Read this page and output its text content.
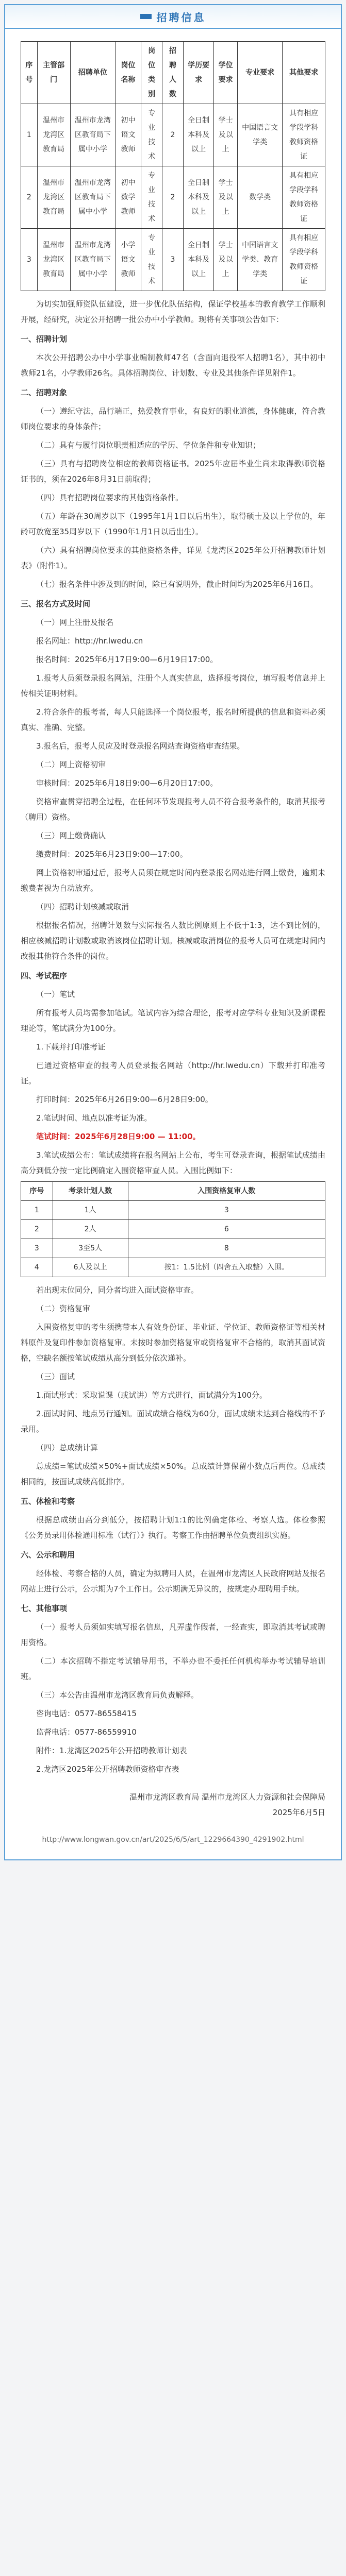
招聘信息
序号	主管部门	招聘单位	岗位名称	岗位类别	招聘人数	学历要求	学位要求	专业要求	其他要求
1	温州市龙湾区教育局	温州市龙湾区教育局下属中小学	初中语文教师	专业技术	2	全日制本科及以上	学士及以上	中国语言文学类	具有相应学段学科教师资格证
2	温州市龙湾区教育局	温州市龙湾区教育局下属中小学	初中数学教师	专业技术	2	全日制本科及以上	学士及以上	数学类	具有相应学段学科教师资格证
3	温州市龙湾区教育局	温州市龙湾区教育局下属中小学	小学语文教师	专业技术	3	全日制本科及以上	学士及以上	中国语言文学类、教育学类	具有相应学段学科教师资格证

为切实加强师资队伍建设，进一步优化队伍结构，保证学校基本的教育教学工作顺利开展，经研究，决定公开招聘一批公办中小学教师。现将有关事项公告如下：

一、招聘计划

本次公开招聘公办中小学事业编制教师47名（含面向退役军人招聘1名），其中初中教师21名，小学教师26名。具体招聘岗位、计划数、专业及其他条件详见附件1。

二、招聘对象

（一）遵纪守法，品行端正，热爱教育事业，有良好的职业道德，身体健康，符合教师岗位要求的身体条件；

（二）具有与履行岗位职责相适应的学历、学位条件和专业知识；

（三）具有与招聘岗位相应的教师资格证书。2025年应届毕业生尚未取得教师资格证书的，须在2026年8月31日前取得；

（四）具有招聘岗位要求的其他资格条件。

（五）年龄在30周岁以下（1995年1月1日以后出生），取得硕士及以上学位的，年龄可放宽至35周岁以下（1990年1月1日以后出生）。

（六）具有招聘岗位要求的其他资格条件，详见《龙湾区2025年公开招聘教师计划表》（附件1）。

（七）报名条件中涉及到的时间，除已有说明外，截止时间均为2025年6月16日。

三、报名方式及时间

（一）网上注册及报名

报名网址：http://hr.lwedu.cn

报名时间：2025年6月17日9:00—6月19日17:00。

1.报考人员须登录报名网站，注册个人真实信息，选择报考岗位，填写报考信息并上传相关证明材料。

2.符合条件的报考者，每人只能选择一个岗位报考，报名时所提供的信息和资料必须真实、准确、完整。

3.报名后，报考人员应及时登录报名网站查询资格审查结果。

（二）网上资格初审

审核时间：2025年6月18日9:00—6月20日17:00。

资格审查贯穿招聘全过程，在任何环节发现报考人员不符合报考条件的，取消其报考（聘用）资格。

（三）网上缴费确认

缴费时间：2025年6月23日9:00—17:00。

网上资格初审通过后，报考人员须在规定时间内登录报名网站进行网上缴费，逾期未缴费者视为自动放弃。

（四）招聘计划核减或取消

根据报名情况，招聘计划数与实际报名人数比例原则上不低于1:3，达不到比例的，相应核减招聘计划数或取消该岗位招聘计划。核减或取消岗位的报考人员可在规定时间内改报其他符合条件的岗位。

四、考试程序

（一）笔试

所有报考人员均需参加笔试。笔试内容为综合理论，报考对应学科专业知识及新课程理论等，笔试满分为100分。

1.下载并打印准考证

已通过资格审查的报考人员登录报名网站（http://hr.lwedu.cn）下载并打印准考证。

打印时间：2025年6月26日9:00—6月28日9:00。

2.笔试时间、地点以准考证为准。

笔试时间：2025年6月28日9:00 — 11:00。

3.笔试成绩公布：笔试成绩将在报名网站上公布，考生可登录查询，根据笔试成绩由高分到低分按一定比例确定入围资格审查人员。入围比例如下：

序号	考录计划人数	入围资格复审人数
1	1人	3
2	2人	6
3	3至5人	8
4	6人及以上	按1：1.5比例（四舍五入取整）入围。

若出现末位同分，同分者均进入面试资格审查。

（二）资格复审

入围资格复审的考生须携带本人有效身份证、毕业证、学位证、教师资格证等相关材料原件及复印件参加资格复审。未按时参加资格复审或资格复审不合格的，取消其面试资格，空缺名额按笔试成绩从高分到低分依次递补。

（三）面试

1.面试形式：采取说课（或试讲）等方式进行，面试满分为100分。

2.面试时间、地点另行通知。面试成绩合格线为60分，面试成绩未达到合格线的不予录用。

（四）总成绩计算

总成绩=笔试成绩×50%+面试成绩×50%。总成绩计算保留小数点后两位。总成绩相同的，按面试成绩高低排序。

五、体检和考察

根据总成绩由高分到低分，按招聘计划1:1的比例确定体检、考察人选。体检参照《公务员录用体检通用标准（试行）》执行。考察工作由招聘单位负责组织实施。

六、公示和聘用

经体检、考察合格的人员，确定为拟聘用人员，在温州市龙湾区人民政府网站及报名网站上进行公示，公示期为7个工作日。公示期满无异议的，按规定办理聘用手续。

七、其他事项

（一）报考人员须如实填写报名信息，凡弄虚作假者，一经查实，即取消其考试或聘用资格。

（二）本次招聘不指定考试辅导用书，不举办也不委托任何机构举办考试辅导培训班。

（三）本公告由温州市龙湾区教育局负责解释。

咨询电话：0577-86558415

监督电话：0577-86559910

附件：1.龙湾区2025年公开招聘教师计划表

2.龙湾区2025年公开招聘教师资格审查表

温州市龙湾区教育局 温州市龙湾区人力资源和社会保障局
2025年6月5日
http://www.longwan.gov.cn/art/2025/6/5/art_1229664390_4291902.html
